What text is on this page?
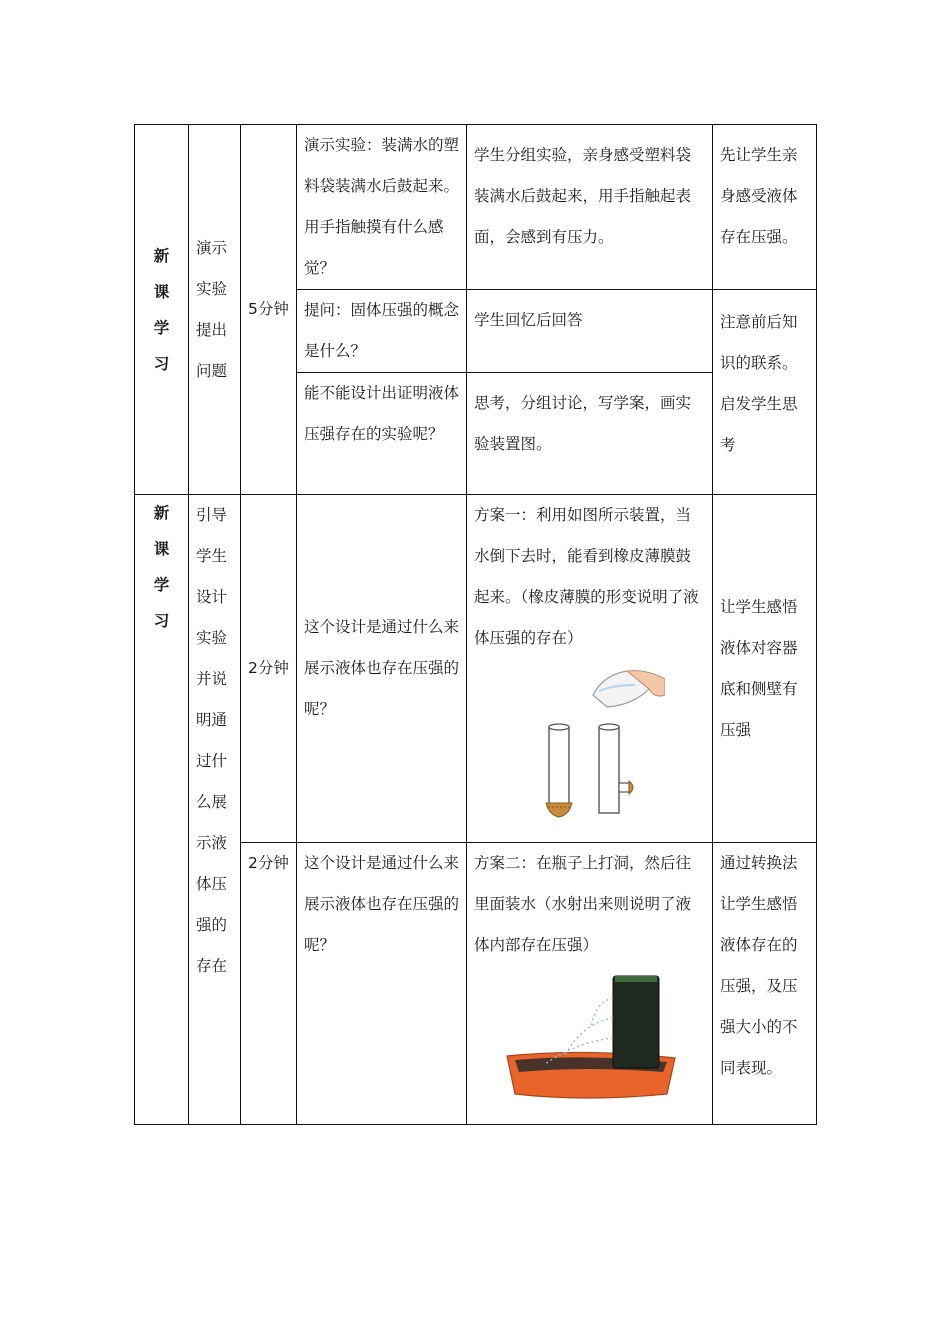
新
课
学
习	演示实验提出问题	5分钟	演示实验：装满水的塑料袋装满水后鼓起来。用手指触摸有什么感觉？	学生分组实验，亲身感受塑料袋装满水后鼓起来，用手指触起表面，会感到有压力。	先让学生亲身感受液体存在压强。
			提问：固体压强的概念是什么？	学生回忆后回答	注意前后知识的联系。启发学生思考
			能不能设计出证明液体压强存在的实验呢？	思考，分组讨论，写学案，画实验装置图。	

新
课
学
习	引导学生设计实验并说明通过什么展示液体压强的存在	2分钟	这个设计是通过什么来展示液体也存在压强的呢？	方案一：利用如图所示装置，当水倒下去时，能看到橡皮薄膜鼓起来。（橡皮薄膜的形变说明了液体压强的存在）	让学生感悟液体对容器底和侧壁有压强
		2分钟	这个设计是通过什么来展示液体也存在压强的呢？	方案二：在瓶子上打洞，然后往里面装水（水射出来则说明了液体内部存在压强）	通过转换法让学生感悟液体存在的压强，及压强大小的不同表现。
